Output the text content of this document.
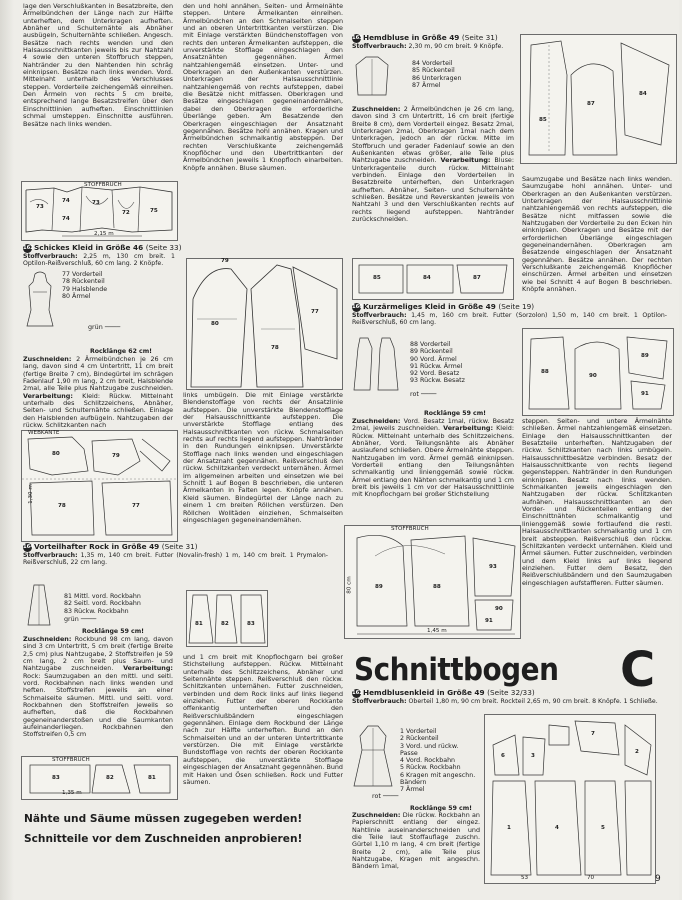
lage den Verschlußkanten in Besatzbreite, den Ärmelbündchen der Länge nach zur Hälfte unterheften, dem Unterkragen aufheften. Abnäher und Schulternähte als Abnäher ausbügeln, Schulternähte schließen. Angesch. Besätze nach rechts wenden und den Halsausschnittkanten jeweils bis zur Nahtzahl 4 sowie den unteren Stoffbruch steppen, Nahtränder zu den Nahtenden hin schräg einknipsen. Besätze nach links wenden. Vord. Mittelnaht unterhalb des Verschlusses steppen. Vorderteile zeichengemäß einreihen. Den Ärmeln von rechts 5 cm breite, entsprechend lange Besatzstreifen über den Einschnittlinien aufheften. Einschnittlinien schmal umsteppen. Einschnitte ausführen. Besätze nach links wenden.
73
74	73
72
74
75
STOFFBRUCH
2,15 m
1620Schickes Kleid in Größe 46 (Seite 33)
Stoffverbrauch: 2,25 m, 130 cm breit. 1 Optilon-Reißverschluß, 60 cm lang. 2 Knöpfe.
77 Vorderteil
78 Rückenteil
79 Halsblende
80 Ärmel
grün ────
Rocklänge 62 cm!
Zuschneiden: 2 Ärmelbündchen je 26 cm lang, davon sind 4 cm Untertritt, 11 cm breit (fertige Breite 7 cm), Bindegürtel im schrägen Fadenlauf 1,90 m lang, 2 cm breit, Halsblende 2mal, alle Teile plus Nahtzugabe zuschneiden. Verarbeitung: Kleid: Rückw. Mittelnaht unterhalb des Schlitzzeichens, Abnäher, Seiten- und Schulternähte schließen. Einlage den Halsblenden aufbügeln. Nahtzugaben der rückw. Schlitzkanten nach
WEBKANTE
80	79
78	77
1,30 m
1645Vorteilhafter Rock in Größe 49 (Seite 31)
Stoffverbrauch: 1,35 m, 140 cm breit. Futter (Novalin-fresh) 1 m, 140 cm breit. 1 Prymalon-Reißverschluß, 22 cm lang.
81 Mittl. vord. Rockbahn
82 Seitl. vord. Rockbahn
83 Rückw. Rockbahn
grün ────
Rocklänge 59 cm!
Zuschneiden: Rockbund 98 cm lang, davon sind 3 cm Untertritt, 5 cm breit (fertige Breite 2,5 cm) plus Nahtzugabe, 2 Stoffstreifen je 59 cm lang, 2 cm breit plus Saum- und Nahtzugabe zuschneiden. Verarbeitung: Rock: Saumzugaben an den mittl. und seitl. vord. Rockbahnen nach links wenden und heften. Stoffstreifen jeweils an einer Schmalseite säumen. Mittl. und seitl. vord. Rockbahnen den Stoffstreifen jeweils so aufheften, daß die Rockbahnen gegeneinanderstoßen und die Saumkanten aufeinanderliegen. Rockbahnen den Stoffstreifen 0,5 cm
STOFFBRUCH
83	82	81
1,35 m
den und hohl annähen. Seiten- und Ärmelnähte steppen. Untere Ärmelkanten einreihen. Ärmelbündchen an den Schmalseiten steppen und an oberen Untertrittkanten verstürzen. Die mit Einlage verstärkten Bündchenstoffagen von rechts den unteren Ärmelkanten aufsteppen, die unverstärkte Stofflage eingeschlagen den Ansatznähten gegennähen. Ärmel nahtzahlengemäß einsetzen. Unter- und Oberkragen an den Außenkanten verstürzen. Unterkragen der Halsausschnittlinie nahtzahlengemäß von rechts aufsteppen, dabei die Besätze nicht mitfassen. Oberkragen und Besätze eingeschlagen gegeneinandernähen, dabei den Oberkragen die erforderliche Überlänge geben. Am Besatzende den Oberkragen eingeschlagen der Ansatznaht gegennähen. Besätze hohl annähen. Kragen und Ärmelbündchen schmalkantig absteppen. Der rechten Verschlußkante zeichengemäß Knopflöcher und den Ubertrittkanten der Ärmelbündchen jeweils 1 Knopfloch einarbeiten. Knöpfe annähen. Bluse säumen.
79
80
78
77
links umbügeln. Die mit Einlage verstärkte Blendenstoffage von rechts der Ansatzlinie aufsteppen. Die unverstärkte Blendenstofflage der Halsausschnittkante aufsteppen. Die unverstärkte Stofflage entlang des Halsausschnittkanten von rückw. Schmalseiten rechts auf rechts liegend aufsteppen. Nahtränder in den Rundungen einknipsen. Unverstärkte Stofflage nach links wenden und eingeschlagen der Ansatznaht gegennähen. Reißverschluß den rückw. Schlitzkanten verdeckt unternähen. Ärmel im allgemeinen arbeiten und einsetzen wie bei Schnitt 1 auf Bogen B beschrieben, die unteren Ärmelkanten in Falten legen. Knöpfe annähen. Kleid säumen. Bindegürtel der Länge nach zu einem 1 cm breiten Röllchen verstürzen. Den Röllchen Wolltäden einziehen, Schmalseiten eingeschlagen gegeneinandernähen.
81	82	83
und 1 cm breit mit Knopflochgarn bei großer Stichstellung aufsteppen. Rückw. Mittelnaht unterhalb des Schlitzzeichens, Abnäher und Seitennähte steppen. Reißverschluß den rückw. Schlitzkanten unternähen. Futter zuschneiden, verbinden und dem Rock links auf links liegend einziehen. Futter der oberen Rockkante offenkantig unterheften und den Reißverschlußbändern eingeschlagen gegennähen. Einlage dem Rockbund der Länge nach zur Hälfte unterheften. Bund an den Schmalseiten und an der unteren Untertrittkante verstürzen. Die mit Einlage verstärkte Bundstofflage von rechts der oberen Rockkante aufsteppen, die unverstärkte Stofflage eingeschlagen der Ansatznaht gegennähen. Bund mit Haken und Ösen schließen. Rock und Futter säumen.
Nähte und Säume müssen zugegeben werden!
Schnitteile vor dem Zuschneiden anprobieren!
1635Hemdbluse in Größe 49 (Seite 31)
Stoffverbrauch: 2,30 m, 90 cm breit. 9 Knöpfe.
84 Vorderteil
85 Rückenteil
86 Unterkragen
87 Ärmel
Zuschneiden: 2 Ärmelbündchen je 26 cm lang, davon sind 3 cm Untertritt, 16 cm breit (fertige Breite 8 cm), dem Vorderteil eingez. Besatz 2mal, Unterkragen 2mal, Oberkragen 1mal nach dem Unterkragen, jedoch an der rückw. Mitte im Stoffbruch und gerader Fadenlauf sowie an den Außenkanten etwas größer, alle Teile plus Nahtzugabe zuschneiden. Verarbeitung: Bluse: Unterkragenteile durch rückw. Mittelnaht verbinden. Einlage den Vorderteilen in Besatzbreite unterheften, den Unterkragen aufheften. Abnäher, Seiten- und Schulternähte schließen. Besätze und Reverskanten jeweils von Nahtzahl 3 und den Verschlußkanten rechts auf rechts liegend aufsteppen. Nahtränder zurückschneiden.
85	84	87
1605Kurzärmeliges Kleid in Größe 49 (Seite 19)
Stoffverbrauch: 1,45 m, 160 cm breit. Futter (Sorzolon) 1,50 m, 140 cm breit. 1 Optilon-Reißverschluß, 60 cm lang.
88 Vorderteil
89 Rückenteil
90 Vord. Ärmel
91 Rückw. Ärmel
92 Vord. Besatz
93 Rückw. Besatz
rot ────
Rocklänge 59 cm!
Zuschneiden: Vord. Besatz 1mal, rückw. Besatz 2mal, jeweils zuschneiden. Verarbeitung: Kleid: Rückw. Mittelnaht unterhalb des Schlitzzeichens. Abnäher, Vord. Teilungsnähte als Abnäher auslaufend schließen. Obere Ärmelnähte steppen. Nahtzugaben im vord. Ärmel gemäß einknipsen. Vorderteil entlang den Teilungsnähten schmalkantig und linienggemäß sowie rückw. Ärmel entlang den Nähten schmalkantig und 1 cm breit bis jeweils 1 cm vor der Halsausschnittlinie mit Knopflochgarn bei großer Stichstellung
STOFFBRUCH
89	88
93
90
91
1,45 m
80 cm
85
87
84
Saumzugabe und Besätze nach links wenden. Saumzugabe hohl annähen. Unter- und Oberkragen an den Außenkanten verstürzen. Unterkragen der Halsausschnittlinie nahtzahlengemäß von rechts aufsteppen, die Besätze nicht mitfassen sowie die Nahtzugaben der Vorderteile zu den Ecken hin einknipsen. Oberkragen und Besätze mit der erforderlichen Überlänge eingeschlagen gegeneinandernähen. Oberkragen am Besatzende eingeschlagen der Ansatznaht gegennähen. Besätze annähen. Der rechten Verschlußkante zeichengemäß Knopflöcher einschürzen. Ärmel arbeiten und einsetzen wie bei Schnitt 4 auf Bogen B beschrieben. Knöpfe annähen.
88
90
89
91
steppen. Seiten- und untere Ärmelnähte schließen. Ärmel nahtzahlengemäß einsetzen. Einlage den Halsausschnittkanten der Besatzteile unterheften. Nahtzugaben der rückw. Schlitzkanten nach links umbügeln. Halsausschnittbesätze verbinden. Besatz der Halsausschnittkante von rechts liegend gegensteppen. Nahtränder in den Rundungen einknipsen. Besatz nach links wenden. Schmalkanten jeweils eingeschlagen den Nahtzugaben der rückw. Schlitzkanten aufnähen. Halsausschnittkanten an den Vorder- und Rückenteilen entlang der Einschnittnähten schmalkantig und linienggemäß sowie fortlaufend die restl. Halsausschnittkanten schmalkantig und 1 cm breit absteppen. Reißverschluß den rückw. Schlitzkanten verdeckt unternähen. Kleid und Ärmel säumen. Futter zuschneiden, verbinden und dem Kleid links auf links liegend einziehen. Futter dem Besatz, den Reißverschlußbändern und den Saumzugaben eingeschlagen aufstaffieren. Futter säumen.
Schnittbogen C
1626Hemdblusenkleid in Größe 49 (Seite 32/33)
Stoffverbrauch: Oberteil 1,80 m, 90 cm breit. Rockteil 2,65 m, 90 cm breit. 8 Knöpfe. 1 Schließe.
1 Vorderteil
2 Rückenteil
3 Vord. und rückw. Passe
4 Vord. Rockbahn
5 Rückw. Rockbahn
6 Kragen mit angeschn. Bändern
7 Ärmel
rot ────
Rocklänge 59 cm!
Zuschneiden: Die rückw. Rockbahn an Papierschnitt entlang der eingez. Nahtlinie auseinanderschneiden und die Teile laut Stoffauflage zuschn. Gürtel 1,10 m lang, 4 cm breit (fertige Breite 2 cm), alle Teile plus Nahtzugabe, Kragen mit angeschn. Bändern 1mal,
6	3
7
2
1	4	5
53	70	9
